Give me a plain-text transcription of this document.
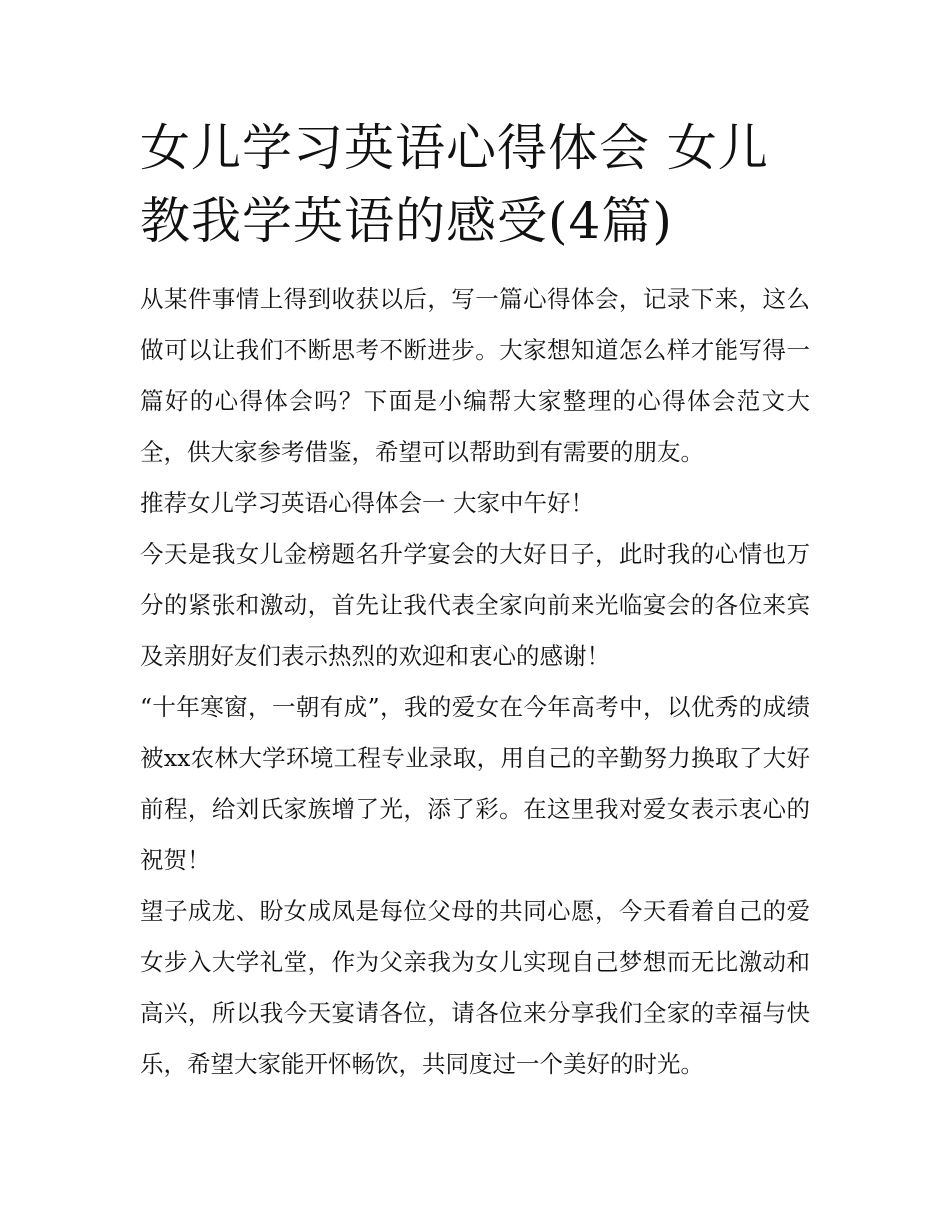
女儿学习英语心得体会 女儿教我学英语的感受(4篇)

从某件事情上得到收获以后，写一篇心得体会，记录下来，这么做可以让我们不断思考不断进步。大家想知道怎么样才能写得一篇好的心得体会吗？下面是小编帮大家整理的心得体会范文大全，供大家参考借鉴，希望可以帮助到有需要的朋友。

推荐女儿学习英语心得体会一 大家中午好！

今天是我女儿金榜题名升学宴会的大好日子，此时我的心情也万分的紧张和激动，首先让我代表全家向前来光临宴会的各位来宾及亲朋好友们表示热烈的欢迎和衷心的感谢！

“十年寒窗，一朝有成”，我的爱女在今年高考中，以优秀的成绩被xx农林大学环境工程专业录取，用自己的辛勤努力换取了大好前程，给刘氏家族增了光，添了彩。在这里我对爱女表示衷心的祝贺！

望子成龙、盼女成凤是每位父母的共同心愿，今天看着自己的爱女步入大学礼堂，作为父亲我为女儿实现自己梦想而无比激动和高兴，所以我今天宴请各位，请各位来分享我们全家的幸福与快乐，希望大家能开怀畅饮，共同度过一个美好的时光。
